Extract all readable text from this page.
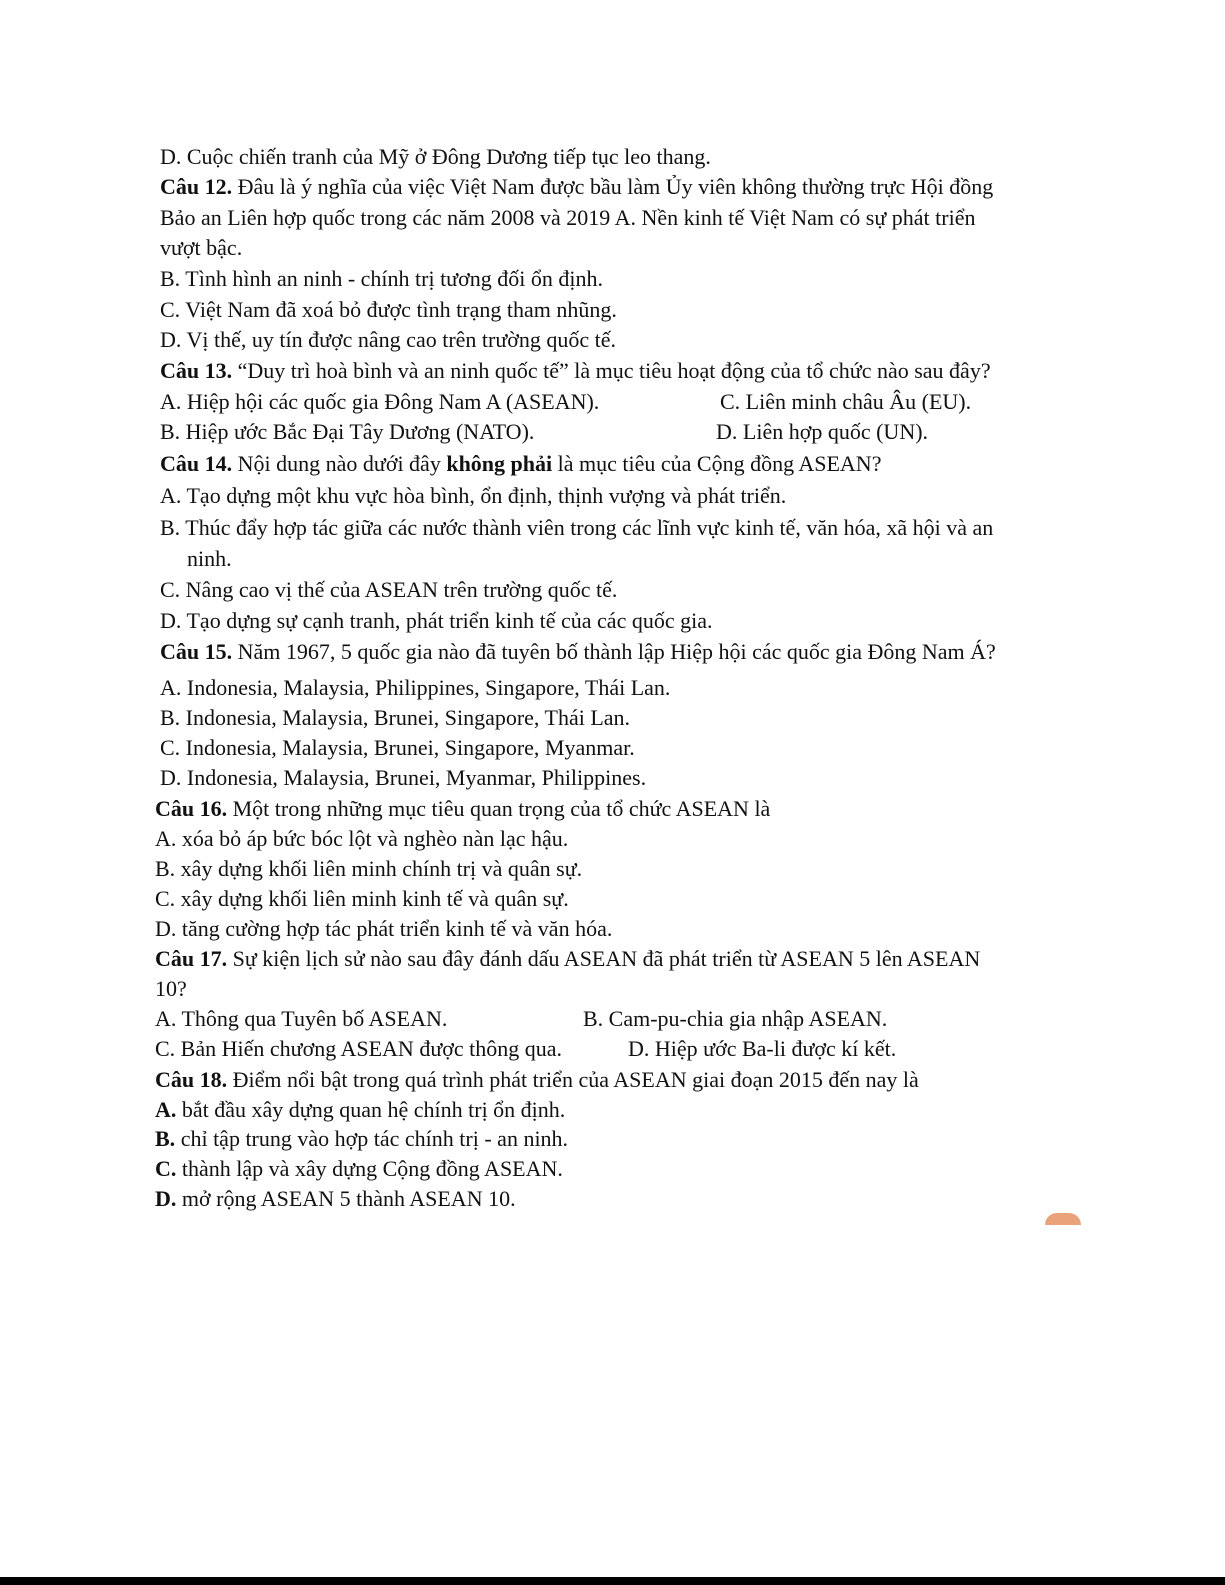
D. Cuộc chiến tranh của Mỹ ở Đông Dương tiếp tục leo thang.
Câu 12. Đâu là ý nghĩa của việc Việt Nam được bầu làm Ủy viên không thường trực Hội đồng
Bảo an Liên hợp quốc trong các năm 2008 và 2019 A. Nền kinh tế Việt Nam có sự phát triển
vượt bậc.
B. Tình hình an ninh - chính trị tương đối ổn định.
C. Việt Nam đã xoá bỏ được tình trạng tham nhũng.
D. Vị thế, uy tín được nâng cao trên trường quốc tế.
Câu 13. “Duy trì hoà bình và an ninh quốc tế” là mục tiêu hoạt động của tổ chức nào sau đây?
A. Hiệp hội các quốc gia Đông Nam A (ASEAN).	C. Liên minh châu Âu (EU).
B. Hiệp ước Bắc Đại Tây Dương (NATO).	D. Liên hợp quốc (UN).
Câu 14. Nội dung nào dưới đây không phải là mục tiêu của Cộng đồng ASEAN?
A. Tạo dựng một khu vực hòa bình, ổn định, thịnh vượng và phát triển.
B. Thúc đẩy hợp tác giữa các nước thành viên trong các lĩnh vực kinh tế, văn hóa, xã hội và an
ninh.
C. Nâng cao vị thế của ASEAN trên trường quốc tế.
D. Tạo dựng sự cạnh tranh, phát triển kinh tế của các quốc gia.
Câu 15. Năm 1967, 5 quốc gia nào đã tuyên bố thành lập Hiệp hội các quốc gia Đông Nam Á?
A. Indonesia, Malaysia, Philippines, Singapore, Thái Lan.
B. Indonesia, Malaysia, Brunei, Singapore, Thái Lan.
C. Indonesia, Malaysia, Brunei, Singapore, Myanmar.
D. Indonesia, Malaysia, Brunei, Myanmar, Philippines.
Câu 16. Một trong những mục tiêu quan trọng của tổ chức ASEAN là
A. xóa bỏ áp bức bóc lột và nghèo nàn lạc hậu.
B. xây dựng khối liên minh chính trị và quân sự.
C. xây dựng khối liên minh kinh tế và quân sự.
D. tăng cường hợp tác phát triển kinh tế và văn hóa.
Câu 17. Sự kiện lịch sử nào sau đây đánh dấu ASEAN đã phát triển từ ASEAN 5 lên ASEAN
10?
A. Thông qua Tuyên bố ASEAN.	B. Cam-pu-chia gia nhập ASEAN.
C. Bản Hiến chương ASEAN được thông qua.	D. Hiệp ước Ba-li được kí kết.
Câu 18. Điểm nổi bật trong quá trình phát triển của ASEAN giai đoạn 2015 đến nay là
A. bắt đầu xây dựng quan hệ chính trị ổn định.
B. chỉ tập trung vào hợp tác chính trị - an ninh.
C. thành lập và xây dựng Cộng đồng ASEAN.
D. mở rộng ASEAN 5 thành ASEAN 10.
